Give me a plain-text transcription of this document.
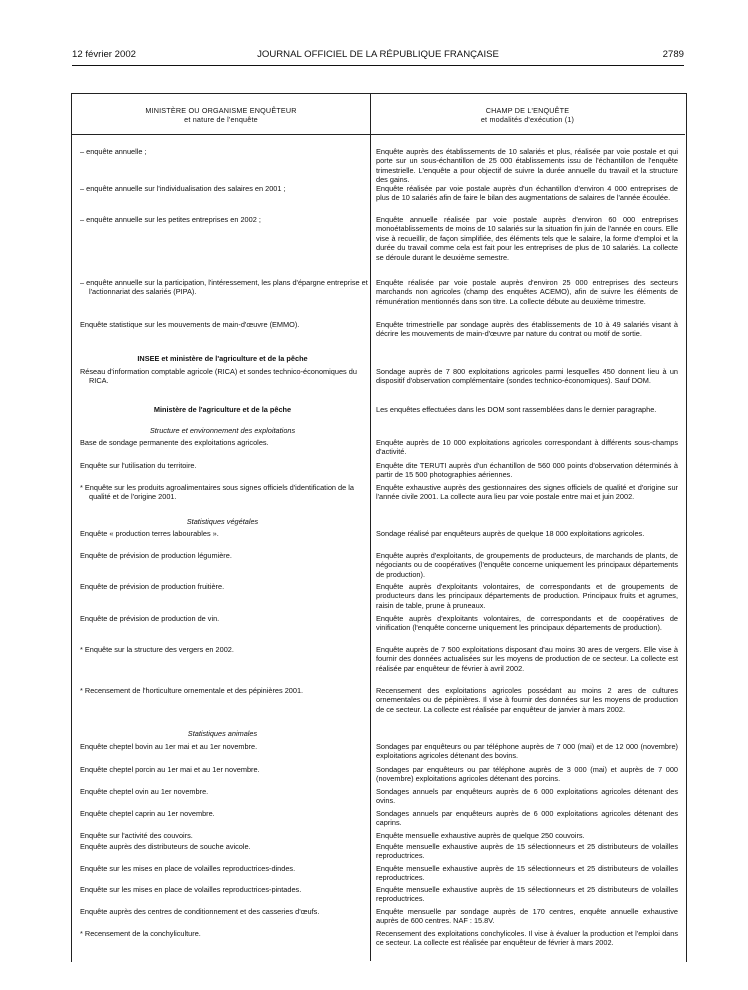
12 février 2002	JOURNAL OFFICIEL DE LA RÉPUBLIQUE FRANÇAISE	2789
MINISTÈRE OU ORGANISME ENQUÊTEUR
et nature de l'enquête
CHAMP DE L'ENQUÊTE
et modalités d'exécution (1)
– enquête annuelle ;
– enquête annuelle sur l'individualisation des salaires en 2001 ;
– enquête annuelle sur les petites entreprises en 2002 ;
– enquête annuelle sur la participation, l'intéressement, les plans d'épargne entreprise et l'actionnariat des salariés (PIPA).
Enquête statistique sur les mouvements de main-d'œuvre (EMMO).
INSEE et ministère de l'agriculture et de la pêche
Réseau d'information comptable agricole (RICA) et sondes technico-économiques du RICA.
Ministère de l'agriculture et de la pêche
Structure et environnement des exploitations
Base de sondage permanente des exploitations agricoles.
Enquête sur l'utilisation du territoire.
* Enquête sur les produits agroalimentaires sous signes officiels d'identification de la qualité et de l'origine 2001.
Statistiques végétales
Enquête « production terres labourables ».
Enquête de prévision de production légumière.
Enquête de prévision de production fruitière.
Enquête de prévision de production de vin.
* Enquête sur la structure des vergers en 2002.
* Recensement de l'horticulture ornementale et des pépinières 2001.
Statistiques animales
Enquête cheptel bovin au 1er mai et au 1er novembre.
Enquête cheptel porcin au 1er mai et au 1er novembre.
Enquête cheptel ovin au 1er novembre.
Enquête cheptel caprin au 1er novembre.
Enquête sur l'activité des couvoirs.
Enquête auprès des distributeurs de souche avicole.
Enquête sur les mises en place de volailles reproductrices-dindes.
Enquête sur les mises en place de volailles reproductrices-pintades.
Enquête auprès des centres de conditionnement et des casseries d'œufs.
* Recensement de la conchyliculture.
Enquête auprès des établissements de 10 salariés et plus, réalisée par voie postale et qui porte sur un sous-échantillon de 25 000 établissements issu de l'échantillon de l'enquête trimestrielle. L'enquête a pour objectif de suivre la durée annuelle du travail et la structure des gains.
Enquête réalisée par voie postale auprès d'un échantillon d'environ 4 000 entreprises de plus de 10 salariés afin de faire le bilan des augmentations de salaires de l'année écoulée.
Enquête annuelle réalisée par voie postale auprès d'environ 60 000 entreprises monoétablissements de moins de 10 salariés sur la situation fin juin de l'année en cours. Elle vise à recueillir, de façon simplifiée, des éléments tels que le salaire, la forme d'emploi et la durée du travail comme cela est fait pour les entreprises de plus de 10 salariés. La collecte se déroule durant le deuxième semestre.
Enquête réalisée par voie postale auprès d'environ 25 000 entreprises des secteurs marchands non agricoles (champ des enquêtes ACEMO), afin de suivre les éléments de rémunération mentionnés dans son titre. La collecte débute au deuxième trimestre.
Enquête trimestrielle par sondage auprès des établissements de 10 à 49 salariés visant à décrire les mouvements de main-d'œuvre par nature du contrat ou motif de sortie.
Sondage auprès de 7 800 exploitations agricoles parmi lesquelles 450 donnent lieu à un dispositif d'observation complémentaire (sondes technico-économiques). Sauf DOM.
Les enquêtes effectuées dans les DOM sont rassemblées dans le dernier paragraphe.
Enquête auprès de 10 000 exploitations agricoles correspondant à différents sous-champs d'activité.
Enquête dite TERUTI auprès d'un échantillon de 560 000 points d'observation déterminés à partir de 15 500 photographies aériennes.
Enquête exhaustive auprès des gestionnaires des signes officiels de qualité et d'origine sur l'année civile 2001. La collecte aura lieu par voie postale entre mai et juin 2002.
Sondage réalisé par enquêteurs auprès de quelque 18 000 exploitations agricoles.
Enquête auprès d'exploitants, de groupements de producteurs, de marchands de plants, de négociants ou de coopératives (l'enquête concerne uniquement les principaux départements de production).
Enquête auprès d'exploitants volontaires, de correspondants et de groupements de producteurs dans les principaux départements de production. Principaux fruits et agrumes, raisin de table, prune à pruneaux.
Enquête auprès d'exploitants volontaires, de correspondants et de coopératives de vinification (l'enquête concerne uniquement les principaux départements de production).
Enquête auprès de 7 500 exploitations disposant d'au moins 30 ares de vergers. Elle vise à fournir des données actualisées sur les moyens de production de ce secteur. La collecte est réalisée par enquêteur de février à avril 2002.
Recensement des exploitations agricoles possédant au moins 2 ares de cultures ornementales ou de pépinières. Il vise à fournir des données sur les moyens de production de ce secteur. La collecte est réalisée par enquêteur de janvier à mars 2002.
Sondages par enquêteurs ou par téléphone auprès de 7 000 (mai) et de 12 000 (novembre) exploitations agricoles détenant des bovins.
Sondages par enquêteurs ou par téléphone auprès de 3 000 (mai) et auprès de 7 000 (novembre) exploitations agricoles détenant des porcins.
Sondages annuels par enquêteurs auprès de 6 000 exploitations agricoles détenant des ovins.
Sondages annuels par enquêteurs auprès de 6 000 exploitations agricoles détenant des caprins.
Enquête mensuelle exhaustive auprès de quelque 250 couvoirs.
Enquête mensuelle exhaustive auprès de 15 sélectionneurs et 25 distributeurs de volailles reproductrices.
Enquête mensuelle exhaustive auprès de 15 sélectionneurs et 25 distributeurs de volailles reproductrices.
Enquête mensuelle exhaustive auprès de 15 sélectionneurs et 25 distributeurs de volailles reproductrices.
Enquête mensuelle par sondage auprès de 170 centres, enquête annuelle exhaustive auprès de 600 centres. NAF : 15.8V.
Recensement des exploitations conchylicoles. Il vise à évaluer la production et l'emploi dans ce secteur. La collecte est réalisée par enquêteur de février à mars 2002.
